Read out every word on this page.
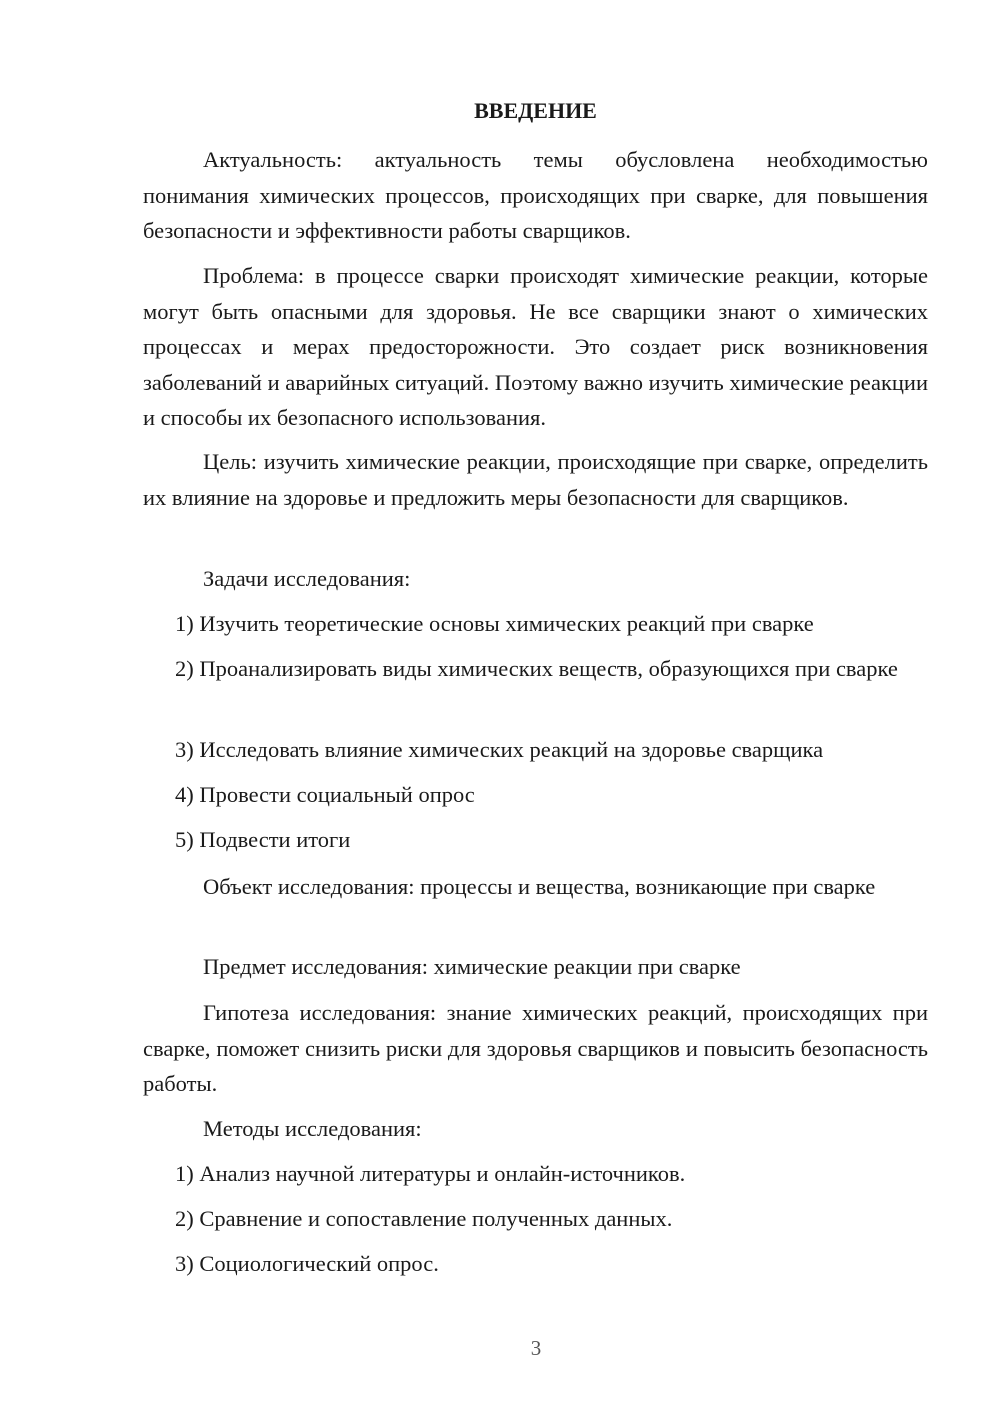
ВВЕДЕНИЕ

Актуальность: актуальность темы обусловлена необходимостью понимания химических процессов, происходящих при сварке, для повышения безопасности и эффективности работы сварщиков.

Проблема: в процессе сварки происходят химические реакции, которые могут быть опасными для здоровья. Не все сварщики знают о химических процессах и мерах предосторожности. Это создает риск возникновения заболеваний и аварийных ситуаций. Поэтому важно изучить химические реакции и способы их безопасного использования.

Цель: изучить химические реакции, происходящие при сварке, определить их влияние на здоровье и предложить меры безопасности для сварщиков.

Задачи исследования:

1) Изучить теоретические основы химических реакций при сварке

2) Проанализировать виды химических веществ, образующихся при сварке

3) Исследовать влияние химических реакций на здоровье сварщика

4) Провести социальный опрос

5) Подвести итоги

Объект исследования: процессы и вещества, возникающие при сварке

Предмет исследования: химические реакции при сварке

Гипотеза исследования: знание химических реакций, происходящих при сварке, поможет снизить риски для здоровья сварщиков и повысить безопасность работы.

Методы исследования:

1) Анализ научной литературы и онлайн-источников.

2) Сравнение и сопоставление полученных данных.

3) Социологический опрос.

3
